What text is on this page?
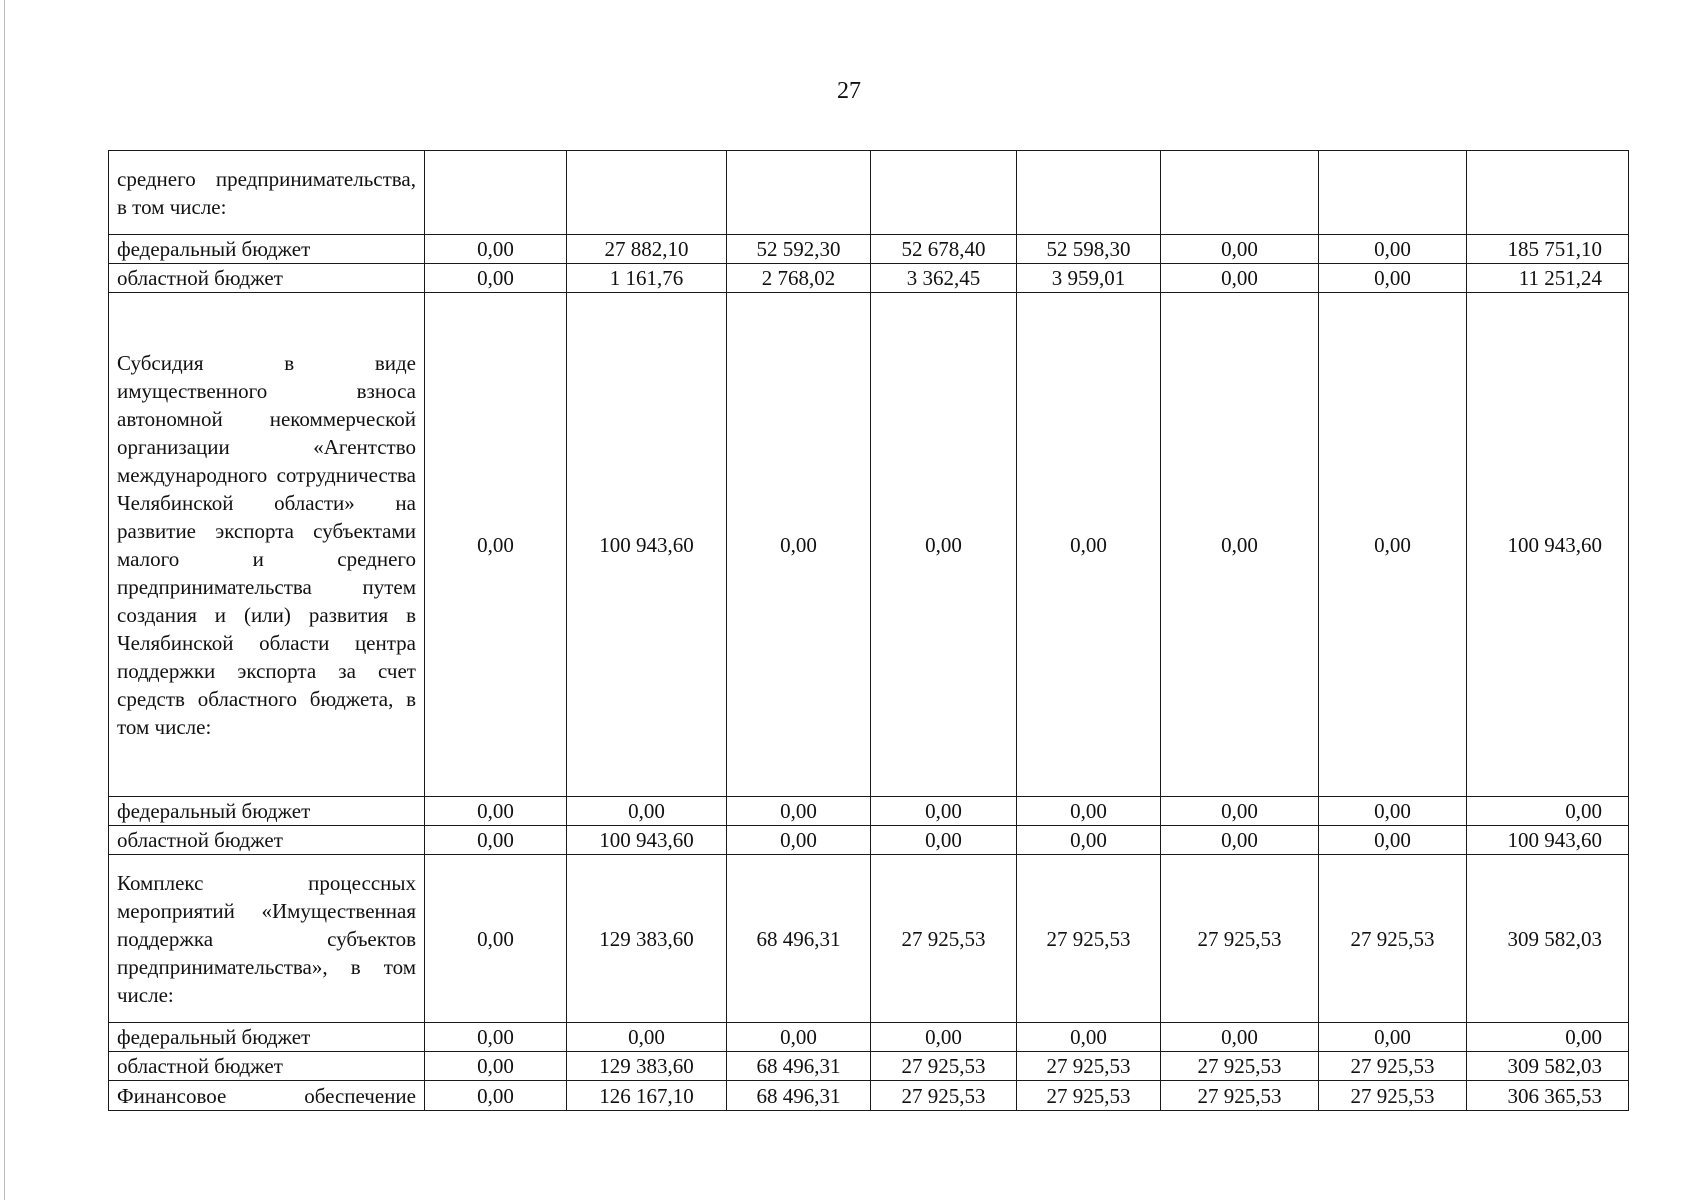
27
среднего предпринимательства, в том числе:								
федеральный бюджет	0,00	27 882,10	52 592,30	52 678,40	52 598,30	0,00	0,00	185 751,10
областной бюджет	0,00	1 161,76	2 768,02	3 362,45	3 959,01	0,00	0,00	11 251,24
Субсидия в виде имущественного взноса автономной некоммерческой организации «Агентство международного сотрудничества Челябинской области» на развитие экспорта субъектами малого и среднего предпринимательства путем создания и (или) развития в Челябинской области центра поддержки экспорта за счет средств областного бюджета, в том числе:	0,00	100 943,60	0,00	0,00	0,00	0,00	0,00	100 943,60
федеральный бюджет	0,00	0,00	0,00	0,00	0,00	0,00	0,00	0,00
областной бюджет	0,00	100 943,60	0,00	0,00	0,00	0,00	0,00	100 943,60
Комплекс процессных мероприятий «Имущественная поддержка субъектов предпринимательства», в том числе:	0,00	129 383,60	68 496,31	27 925,53	27 925,53	27 925,53	27 925,53	309 582,03
федеральный бюджет	0,00	0,00	0,00	0,00	0,00	0,00	0,00	0,00
областной бюджет	0,00	129 383,60	68 496,31	27 925,53	27 925,53	27 925,53	27 925,53	309 582,03
Финансовое обеспечение	0,00	126 167,10	68 496,31	27 925,53	27 925,53	27 925,53	27 925,53	306 365,53
